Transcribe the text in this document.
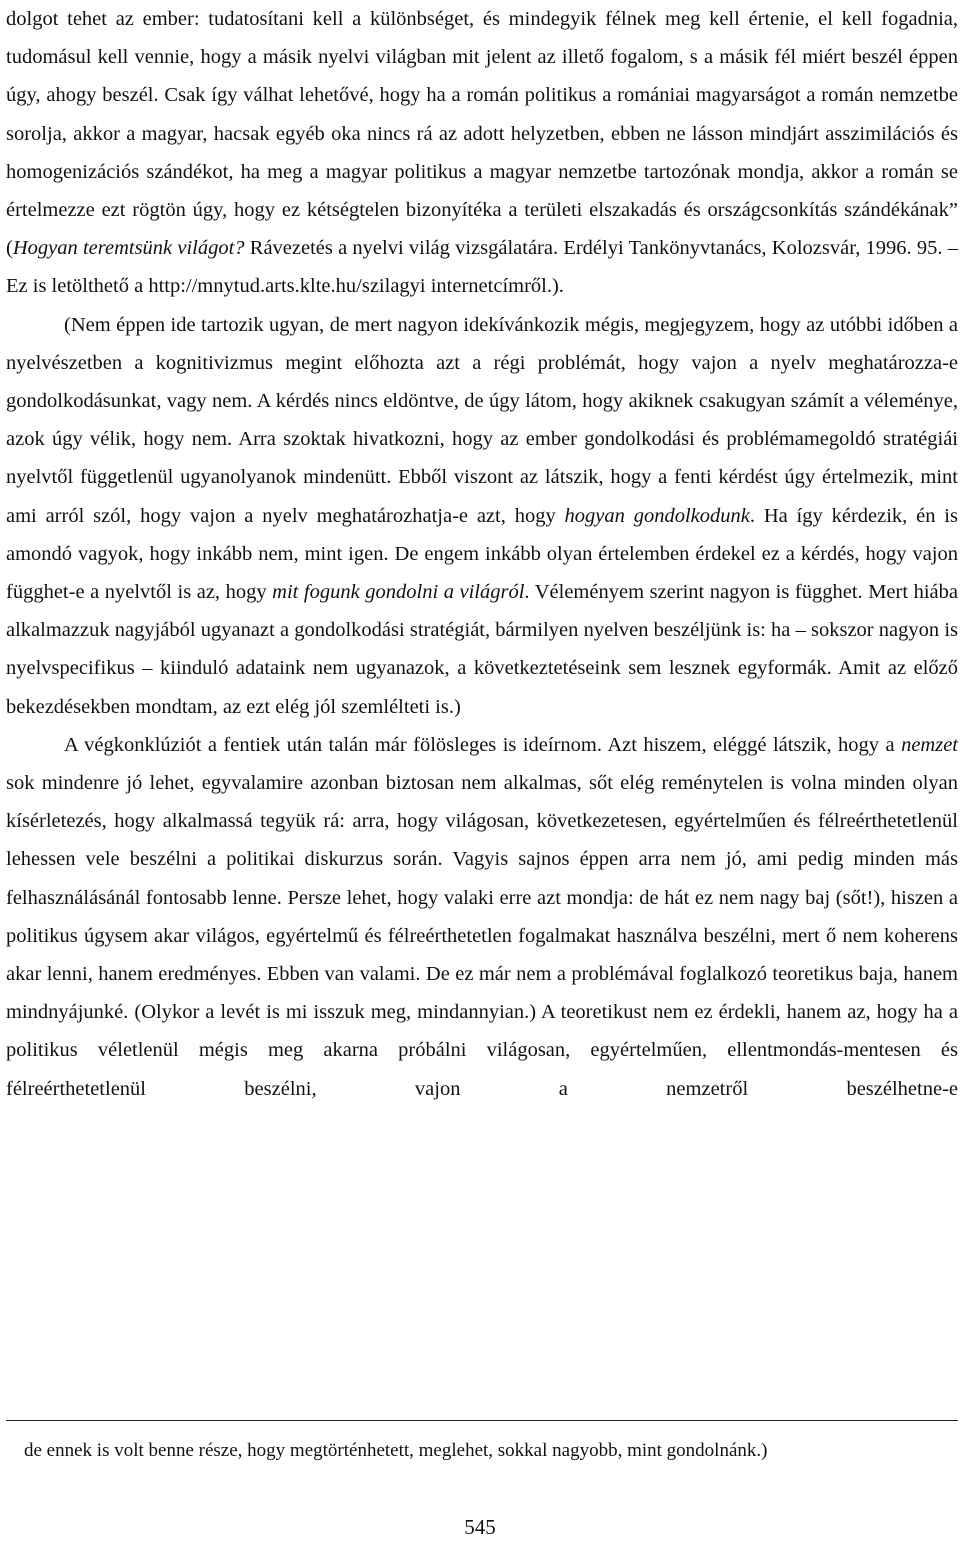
dolgot tehet az ember: tudatosítani kell a különbséget, és mindegyik félnek meg kell értenie, el kell fogadnia, tudomásul kell vennie, hogy a másik nyelvi világban mit jelent az illető fogalom, s a másik fél miért beszél éppen úgy, ahogy beszél. Csak így válhat lehetővé, hogy ha a román politikus a romániai magyarságot a román nemzetbe sorolja, akkor a magyar, hacsak egyéb oka nincs rá az adott helyzetben, ebben ne lásson mindjárt asszimilációs és homogenizációs szándékot, ha meg a magyar politikus a magyar nemzetbe tartozónak mondja, akkor a román se értelmezze ezt rögtön úgy, hogy ez kétségtelen bizonyítéka a területi elszakadás és országcsonkítás szándékának” (Hogyan teremtsünk világot? Rávezetés a nyelvi világ vizsgálatára. Erdélyi Tankönyvtanács, Kolozsvár, 1996. 95. – Ez is letölthető a http://mnytud.arts.klte.hu/szilagyi internetcímről.).

(Nem éppen ide tartozik ugyan, de mert nagyon idekívánkozik mégis, megjegyzem, hogy az utóbbi időben a nyelvészetben a kognitivizmus megint előhozta azt a régi problémát, hogy vajon a nyelv meghatározza-e gondolkodásunkat, vagy nem. A kérdés nincs eldöntve, de úgy látom, hogy akiknek csakugyan számít a véleménye, azok úgy vélik, hogy nem. Arra szoktak hivatkozni, hogy az ember gondolkodási és problémamegoldó stratégiái nyelvtől függetlenül ugyanolyanok mindenütt. Ebből viszont az látszik, hogy a fenti kérdést úgy értelmezik, mint ami arról szól, hogy vajon a nyelv meghatározhatja-e azt, hogy hogyan gondolkodunk. Ha így kérdezik, én is amondó vagyok, hogy inkább nem, mint igen. De engem inkább olyan értelemben érdekel ez a kérdés, hogy vajon függhet-e a nyelvtől is az, hogy mit fogunk gondolni a világról. Véleményem szerint nagyon is függhet. Mert hiába alkalmazzuk nagyjából ugyanazt a gondolkodási stratégiát, bármilyen nyelven beszéljünk is: ha – sokszor nagyon is nyelvspecifikus – kiinduló adataink nem ugyanazok, a következtetéseink sem lesznek egyformák. Amit az előző bekezdésekben mondtam, az ezt elég jól szemlélteti is.)

A végkonklúziót a fentiek után talán már fölösleges is ideírnom. Azt hiszem, eléggé látszik, hogy a nemzet sok mindenre jó lehet, egyvalamire azonban biztosan nem alkalmas, sőt elég reménytelen is volna minden olyan kísérletezés, hogy alkalmassá tegyük rá: arra, hogy világosan, következetesen, egyértelműen és félreérthetetlenül lehessen vele beszélni a politikai diskurzus során. Vagyis sajnos éppen arra nem jó, ami pedig minden más felhasználásánál fontosabb lenne. Persze lehet, hogy valaki erre azt mondja: de hát ez nem nagy baj (sőt!), hiszen a politikus úgysem akar világos, egyértelmű és félreérthetetlen fogalmakat használva beszélni, mert ő nem koherens akar lenni, hanem eredményes. Ebben van valami. De ez már nem a problémával foglalkozó teoretikus baja, hanem mindnyájunké. (Olykor a levét is mi isszuk meg, mindannyian.) A teoretikust nem ez érdekli, hanem az, hogy ha a politikus véletlenül mégis meg akarna próbálni világosan, egyértelműen, ellentmondás-mentesen és félreérthetetlenül beszélni, vajon a nemzetről beszélhetne-e

de ennek is volt benne része, hogy megtörténhetett, meglehet, sokkal nagyobb, mint gondolnánk.)
545
